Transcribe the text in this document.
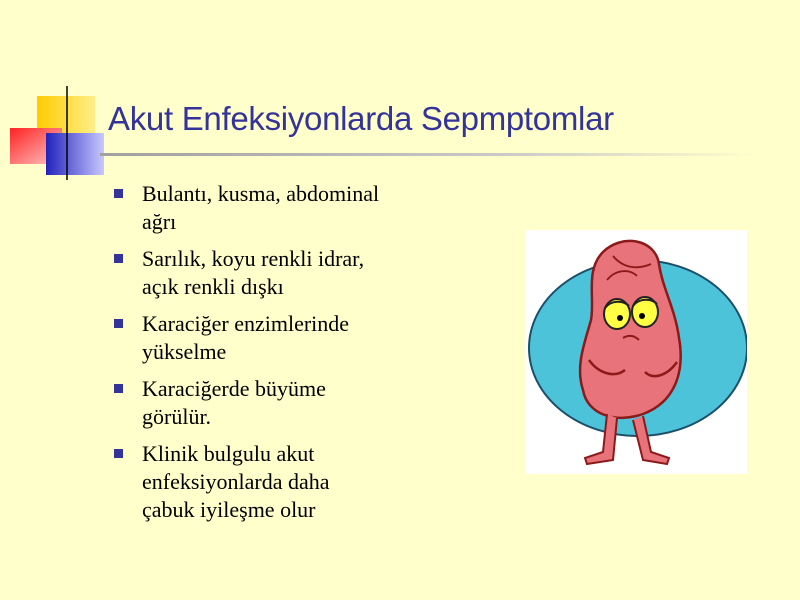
Akut Enfeksiyonlarda Sepmptomlar
Bulantı, kusma, abdominal
ağrı
Sarılık, koyu renkli idrar,
açık renkli dışkı
Karaciğer enzimlerinde
yükselme
Karaciğerde büyüme
görülür.
Klinik bulgulu akut
enfeksiyonlarda daha
çabuk iyileşme olur
